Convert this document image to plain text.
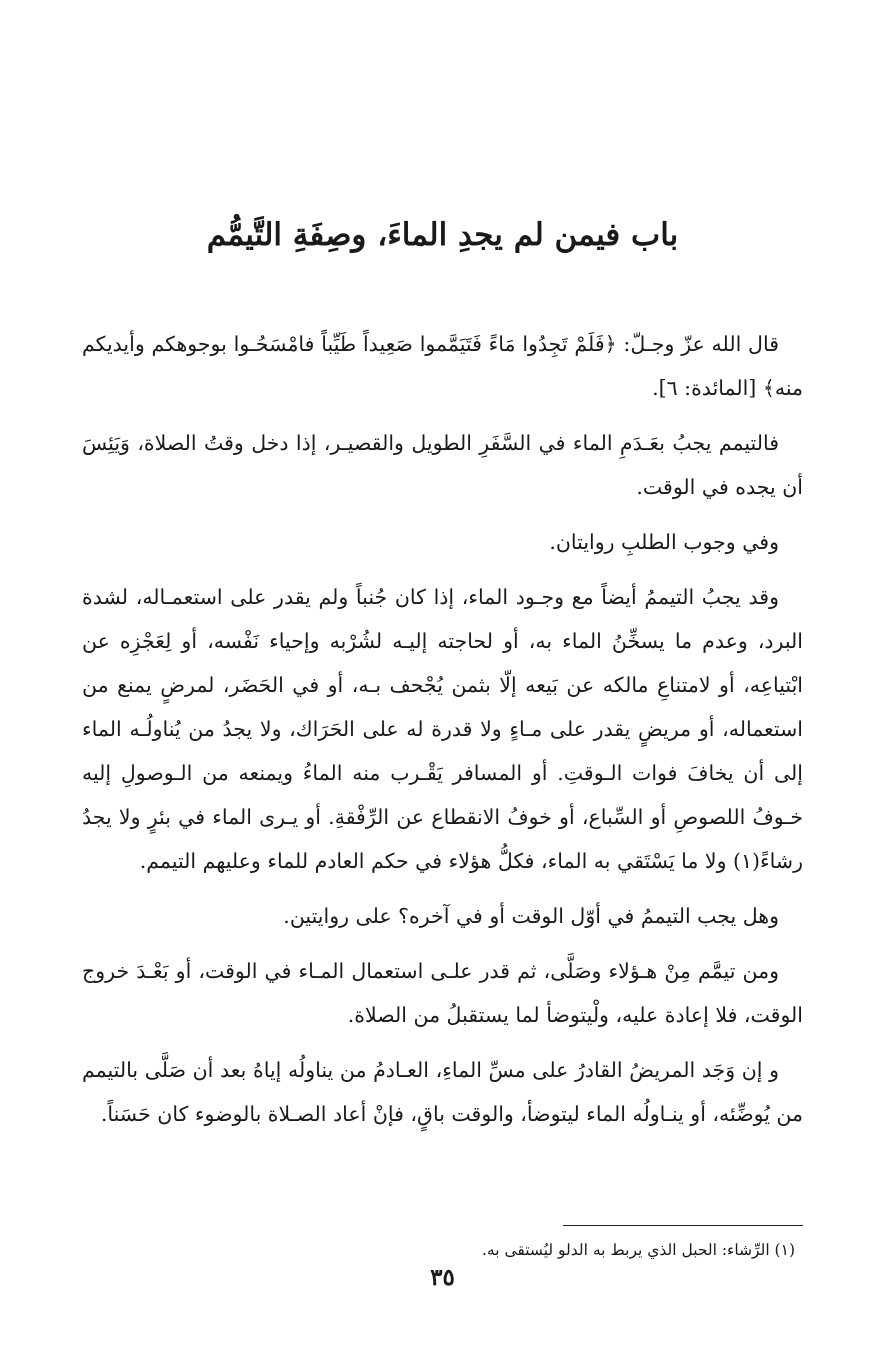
باب فيمن لم يجدِ الماءَ، وصِفَةِ التَّيمُّم

قال الله عزّ وجـلّ: ﴿فَلَمْ تَجِدُوا مَاءً فَتَيَمَّموا صَعِيداً طَيِّباً فامْسَحُـوا بوجوهكم وأيديكم منه﴾ [المائدة: ٦].

فالتيمم يجبُ بعَـدَمِ الماء في السَّفَرِ الطويل والقصيـر، إذا دخل وقتُ الصلاة، وَيَئِسَ أن يجده في الوقت.

وفي وجوب الطلبِ روايتان.

وقد يجبُ التيممُ أيضاً مع وجـود الماء، إذا كان جُنباً ولم يقدر على استعمـاله، لشدة البرد، وعدم ما يسخِّنُ الماء به، أو لحاجته إليـه لشُرْبه وإحياء نَفْسه، أو لِعَجْزِه عن ابْتياعِه، أو لامتناعِ مالكه عن بَيعه إلّا بثمن يُجْحف بـه، أو في الحَضَر، لمرضٍ يمنع من استعماله، أو مريضٍ يقدر على مـاءٍ ولا قدرة له على الحَرَاك، ولا يجدُ من يُناولُـه الماء إلى أن يخافَ فوات الـوقتِ. أو المسافر يَقْـرب منه الماءُ ويمنعه من الـوصولِ إليه خـوفُ اللصوصِ أو السِّباع، أو خوفُ الانقطاع عن الرِّفْقةِ. أو يـرى الماء في بئرٍ ولا يجدُ رشاءً(١) ولا ما يَسْتَقي به الماء، فكلُّ هؤلاء في حكم العادم للماء وعليهم التيمم.

وهل يجب التيممُ في أوّل الوقت أو في آخره؟ على روايتين.

ومن تيمَّم مِنْ هـؤلاء وصَلَّى، ثم قدر علـى استعمال المـاء في الوقت، أو بَعْـدَ خروج الوقت، فلا إعادة عليه، ولْيتوضأ لما يستقبلُ من الصلاة.

و إن وَجَد المريضُ القادرُ على مسِّ الماءِ، العـادمُ من يناولُه إياهُ بعد أن صَلَّى بالتيمم من يُوضِّئه، أو ينـاولُه الماء ليتوضأ، والوقت باقٍ، فإنْ أعاد الصـلاة بالوضوء كان حَسَناً.

(١) الرِّشاء: الحبل الذي يربط به الدلو ليُستقى به.
٣٥
